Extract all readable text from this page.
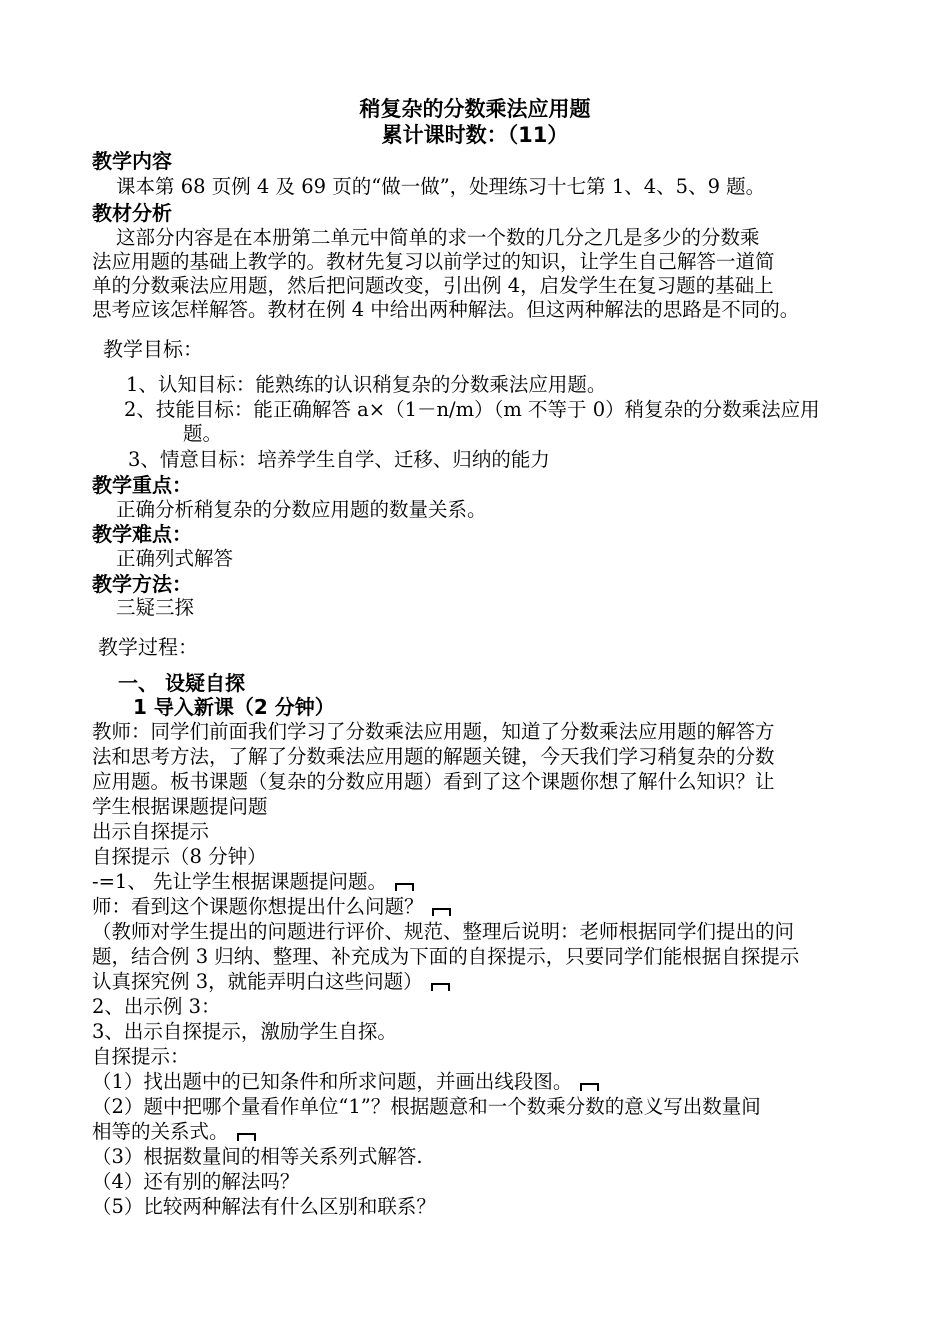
稍复杂的分数乘法应用题
累计课时数：（11）
教学内容
课本第 68 页例 4 及 69 页的“做一做”，处理练习十七第 1、4、5、9 题。
教材分析
这部分内容是在本册第二单元中简单的求一个数的几分之几是多少的分数乘
法应用题的基础上教学的。教材先复习以前学过的知识，让学生自己解答一道简
单的分数乘法应用题，然后把问题改变，引出例 4，启发学生在复习题的基础上
思考应该怎样解答。教材在例 4 中给出两种解法。但这两种解法的思路是不同的。
教学目标：
1、认知目标：能熟练的认识稍复杂的分数乘法应用题。
2、技能目标：能正确解答 a×（1－n/m）（m 不等于 0）稍复杂的分数乘法应用
题。
3、情意目标：培养学生自学、迁移、归纳的能力
教学重点：
正确分析稍复杂的分数应用题的数量关系。
教学难点：
正确列式解答
教学方法：
三疑三探
教学过程：
一、 设疑自探
1 导入新课（2 分钟）
教师：同学们前面我们学习了分数乘法应用题，知道了分数乘法应用题的解答方
法和思考方法，了解了分数乘法应用题的解题关键，今天我们学习稍复杂的分数
应用题。板书课题（复杂的分数应用题）看到了这个课题你想了解什么知识？让
学生根据课题提问题
出示自探提示
自探提示（8 分钟）
-=1、 先让学生根据课题提问题。
师：看到这个课题你想提出什么问题？
（教师对学生提出的问题进行评价、规范、整理后说明：老师根据同学们提出的问
题，结合例 3 归纳、整理、补充成为下面的自探提示，只要同学们能根据自探提示
认真探究例 3，就能弄明白这些问题）
2、出示例 3：
3、出示自探提示，激励学生自探。
自探提示：
（1）找出题中的已知条件和所求问题，并画出线段图。
（2）题中把哪个量看作单位“1”？根据题意和一个数乘分数的意义写出数量间
相等的关系式。
（3）根据数量间的相等关系列式解答.
（4）还有别的解法吗？
（5）比较两种解法有什么区别和联系？
